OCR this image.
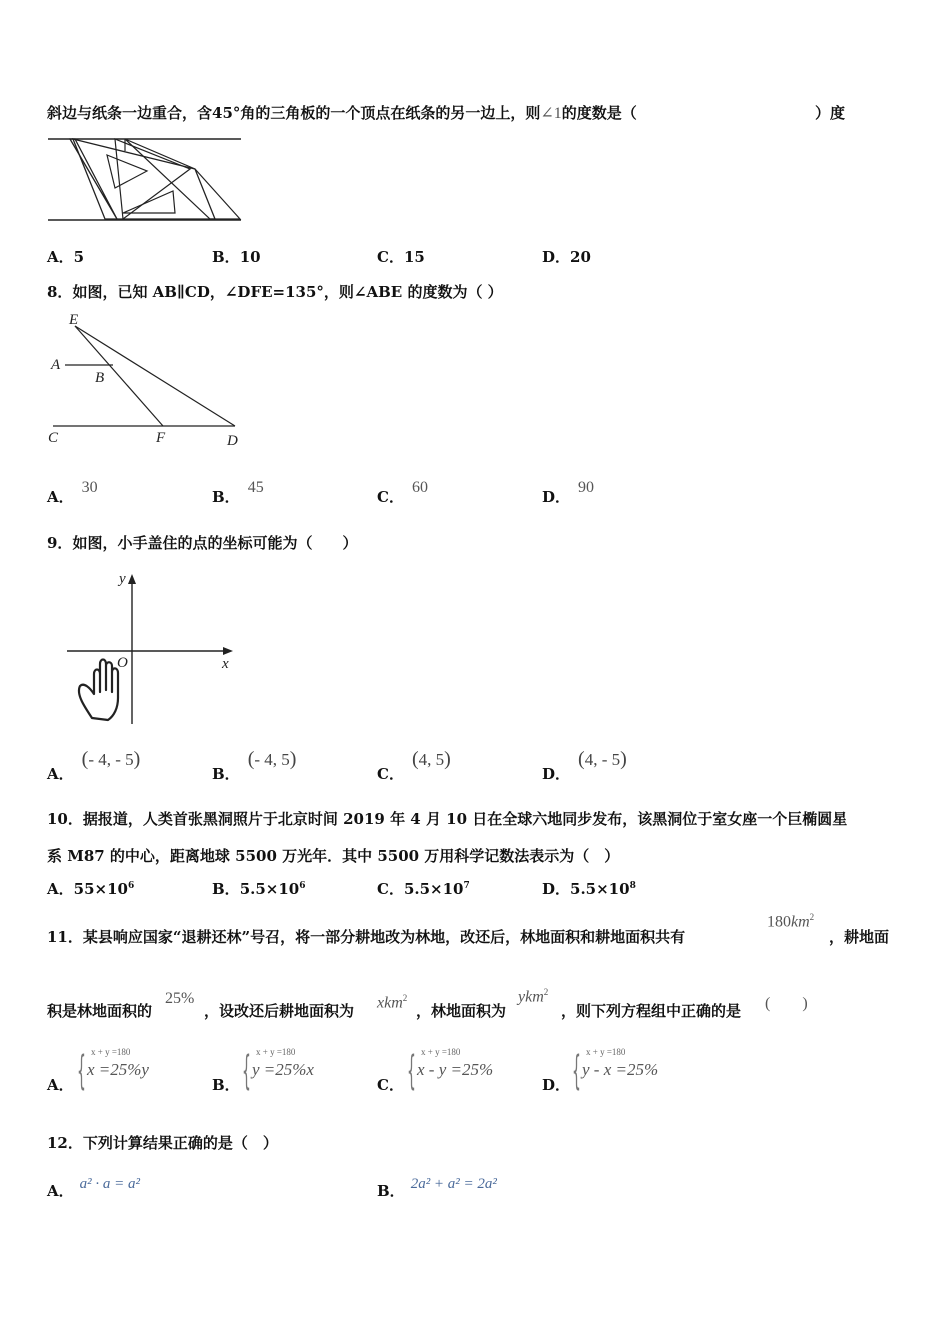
斜边与纸条一边重合，含45°角的三角板的一个顶点在纸条的另一边上，则∠1的度数是（	）度
A．5	B．10	C．15	D．20
8．如图，已知 AB∥CD，∠DFE=135°，则∠ABE 的度数为（ ）
E
A
B
C	F	D
A．30
B．45
C．60
D．90
9．如图，小手盖住的点的坐标可能为（　　）
y
x
O
A．(- 4, - 5)
B．(- 4, 5)
C．(4, 5)
D．(4, - 5)
10．据报道，人类首张黑洞照片于北京时间 2019 年 4 月 10 日在全球六地同步发布，该黑洞位于室女座一个巨椭圆星
系 M87 的中心，距离地球 5500 万光年．其中 5500 万用科学记数法表示为（　）
A．$55\times 10^6$	B．$5.5\times 10^6$	C．$5.5\times 10^7$	D．$5.5\times 10^8$
11．某县响应国家“退耕还林”号召，将一部分耕地改为林地，改还后，林地面积和耕地面积共有
$180km^2$
，耕地面
积是林地面积的
25%
，设改还后耕地面积为 xkm$^2$
，林地面积为
ykm$^2$
，则下列方程组中正确的是 (　　)
A． { x + y =180
x =25%y
B． { x + y =180
y =25%x
C． { x + y =180
x - y =25%
D． { x + y =180
y - x =25%
12．下列计算结果正确的是（　）
A． a² · a = a²	B． 2a² + a² = 2a²
